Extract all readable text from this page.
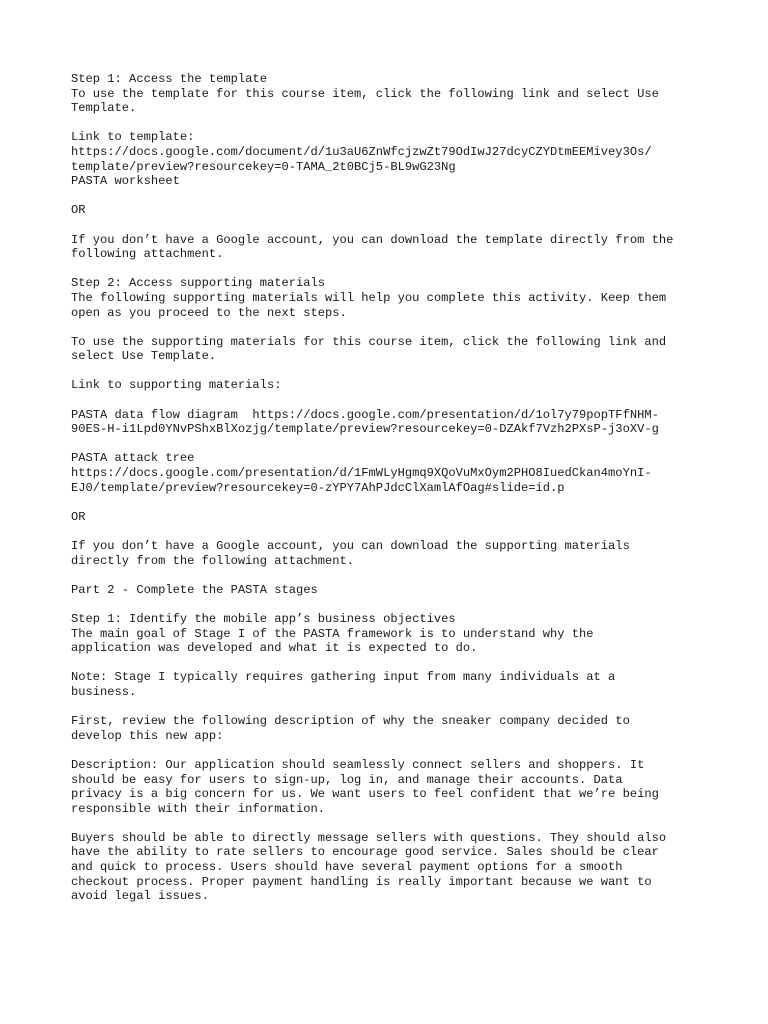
Step 1: Access the template
To use the template for this course item, click the following link and select Use
Template.
Link to template:
https://docs.google.com/document/d/1u3aU6ZnWfcjzwZt79OdIwJ27dcyCZYDtmEEMivey3Os/
template/preview?resourcekey=0-TAMA_2t0BCj5-BL9wG23Ng
PASTA worksheet
OR
If you don’t have a Google account, you can download the template directly from the
following attachment.
Step 2: Access supporting materials
The following supporting materials will help you complete this activity. Keep them
open as you proceed to the next steps.
To use the supporting materials for this course item, click the following link and
select Use Template.
Link to supporting materials:
PASTA data flow diagram  https://docs.google.com/presentation/d/1ol7y79popTFfNHM-
90ES-H-i1Lpd0YNvPShxBlXozjg/template/preview?resourcekey=0-DZAkf7Vzh2PXsP-j3oXV-g
PASTA attack tree
https://docs.google.com/presentation/d/1FmWLyHgmq9XQoVuMxOym2PHO8IuedCkan4moYnI-
EJ0/template/preview?resourcekey=0-zYPY7AhPJdcClXamlAfOag#slide=id.p
OR
If you don’t have a Google account, you can download the supporting materials
directly from the following attachment.
Part 2 - Complete the PASTA stages
Step 1: Identify the mobile app’s business objectives
The main goal of Stage I of the PASTA framework is to understand why the
application was developed and what it is expected to do.
Note: Stage I typically requires gathering input from many individuals at a
business.
First, review the following description of why the sneaker company decided to
develop this new app:
Description: Our application should seamlessly connect sellers and shoppers. It
should be easy for users to sign-up, log in, and manage their accounts. Data
privacy is a big concern for us. We want users to feel confident that we’re being
responsible with their information.
Buyers should be able to directly message sellers with questions. They should also
have the ability to rate sellers to encourage good service. Sales should be clear
and quick to process. Users should have several payment options for a smooth
checkout process. Proper payment handling is really important because we want to
avoid legal issues.
